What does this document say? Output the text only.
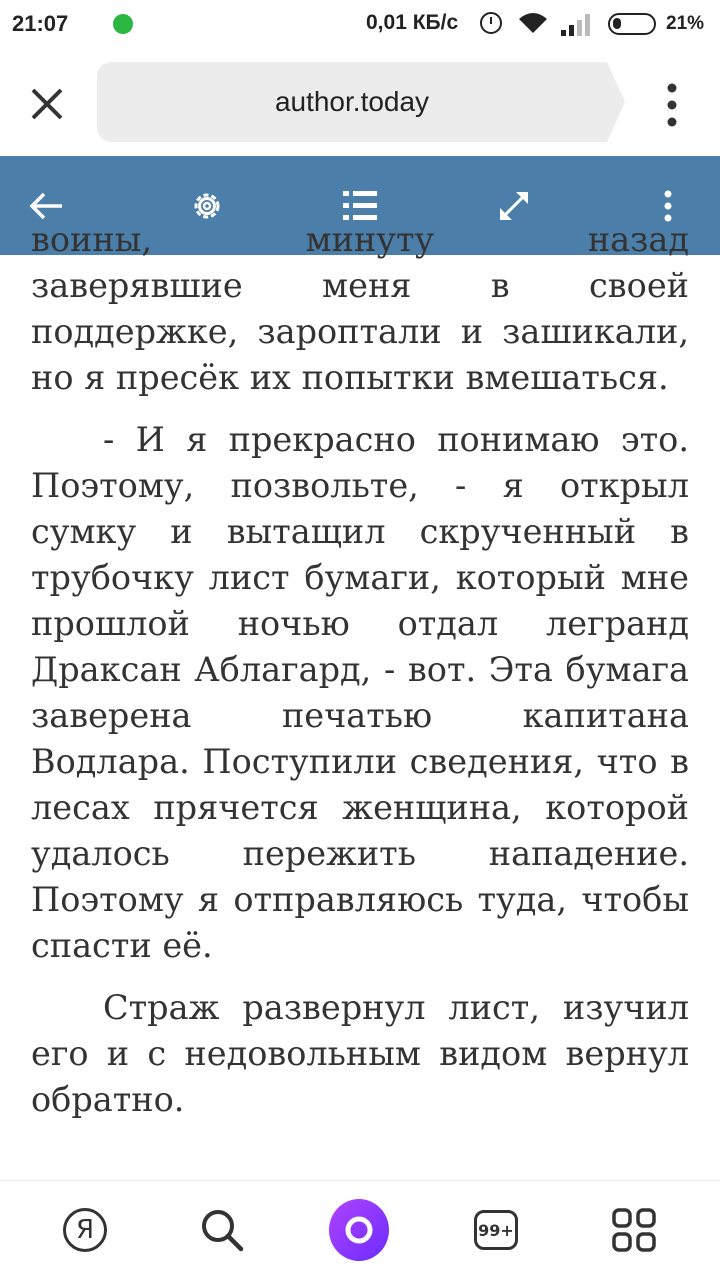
21:07	0,01 КБ/с	21%
author.today

воины, минуту назад

заверявшие меня в своей поддержке, зароптали и зашикали, но я пресёк их попытки вмешаться.

- И я прекрасно понимаю это. Поэтому, позвольте, - я открыл сумку и вытащил скрученный в трубочку лист бумаги, который мне прошлой ночью отдал легранд Драксан Аблагард, - вот. Эта бумага заверена печатью капитана Водлара. Поступили сведения, что в лесах прячется женщина, которой удалось пережить нападение. Поэтому я отправляюсь туда, чтобы спасти её.

Страж развернул лист, изучил его и с недовольным видом вернул обратно.

Я	99+
